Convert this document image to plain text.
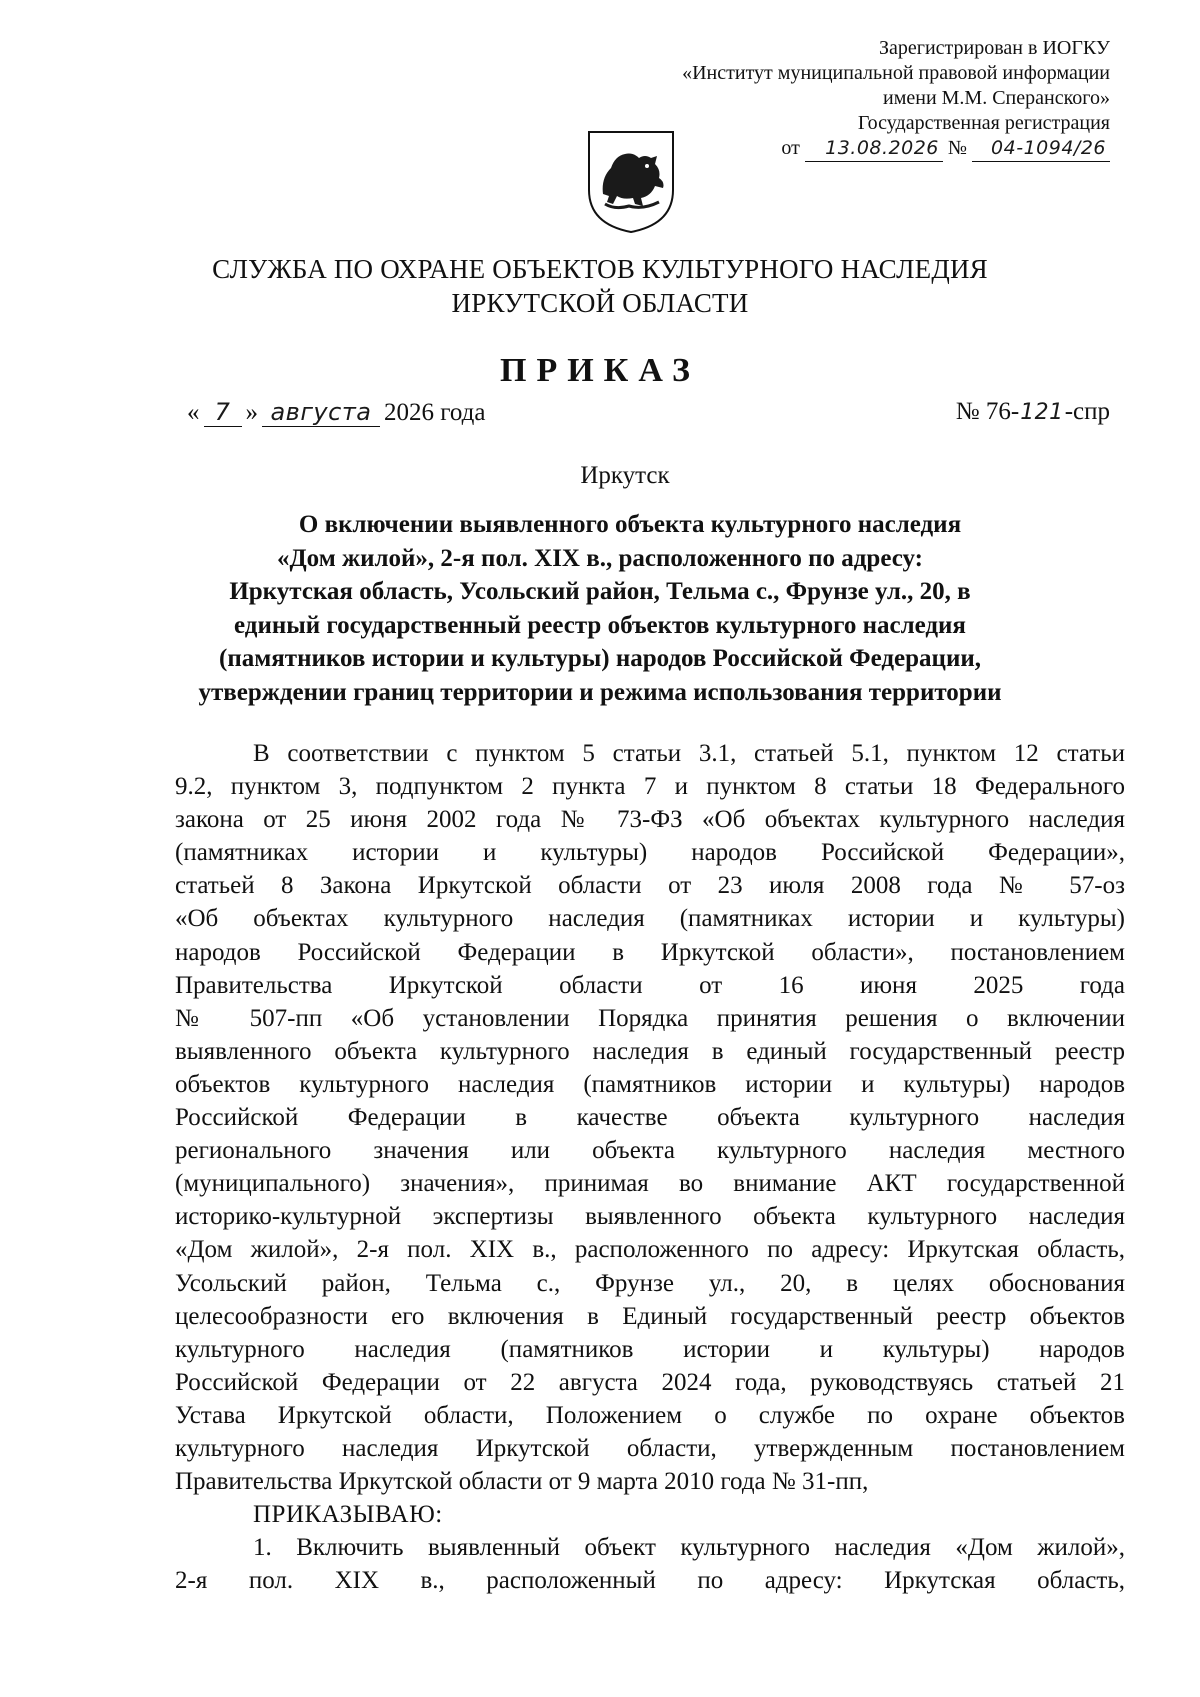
Зарегистрирован в ИОГКУ
«Институт муниципальной правовой информации
имени М.М. Сперанского»
Государственная регистрация
от 13.08.2026 № 04-1094/26
СЛУЖБА ПО ОХРАНЕ ОБЪЕКТОВ КУЛЬТУРНОГО НАСЛЕДИЯ
ИРКУТСКОЙ ОБЛАСТИ
ПРИКАЗ
« 7 » августа 2026 года	№ 76- 121 -спр
Иркутск
О включении выявленного объекта культурного наследия
«Дом жилой», 2-я пол. XIX в., расположенного по адресу:
Иркутская область, Усольский район, Тельма с., Фрунзе ул., 20, в
единый государственный реестр объектов культурного наследия
(памятников истории и культуры) народов Российской Федерации,
утверждении границ территории и режима использования территории
В соответствии с пунктом 5 статьи 3.1, статьей 5.1, пунктом 12 статьи
9.2, пунктом 3, подпунктом 2 пункта 7 и пунктом 8 статьи 18 Федерального
закона от 25 июня 2002 года № 73-ФЗ «Об объектах культурного наследия
(памятниках истории и культуры) народов Российской Федерации»,
статьей 8 Закона Иркутской области от 23 июля 2008 года № 57-оз
«Об объектах культурного наследия (памятниках истории и культуры)
народов Российской Федерации в Иркутской области», постановлением
Правительства Иркутской области от 16 июня 2025 года
№ 507-пп «Об установлении Порядка принятия решения о включении
выявленного объекта культурного наследия в единый государственный реестр
объектов культурного наследия (памятников истории и культуры) народов
Российской Федерации в качестве объекта культурного наследия
регионального значения или объекта культурного наследия местного
(муниципального) значения», принимая во внимание АКТ государственной
историко-культурной экспертизы выявленного объекта культурного наследия
«Дом жилой», 2-я пол. XIX в., расположенного по адресу: Иркутская область,
Усольский район, Тельма с., Фрунзе ул., 20, в целях обоснования
целесообразности его включения в Единый государственный реестр объектов
культурного наследия (памятников истории и культуры) народов
Российской Федерации от 22 августа 2024 года, руководствуясь статьей 21
Устава Иркутской области, Положением о службе по охране объектов
культурного наследия Иркутской области, утвержденным постановлением
Правительства Иркутской области от 9 марта 2010 года № 31-пп,
ПРИКАЗЫВАЮ:
1. Включить выявленный объект культурного наследия «Дом жилой»,
2-я пол. XIX в., расположенный по адресу: Иркутская область,
